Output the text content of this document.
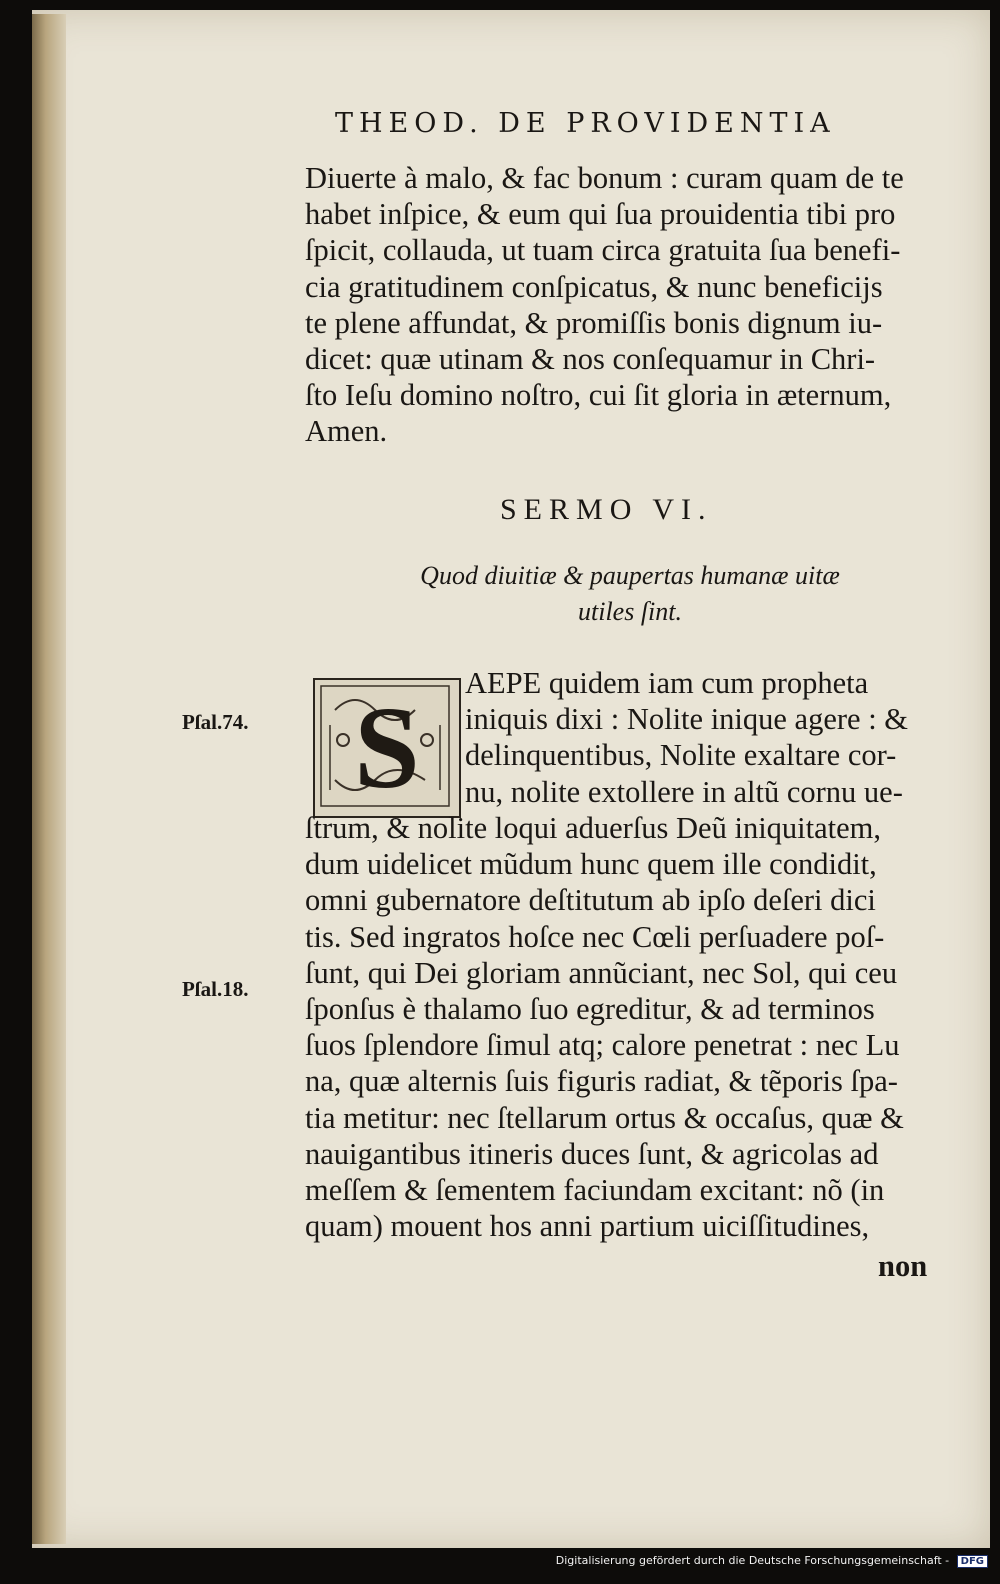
THEOD. DE PROVIDENTIA
Diuerte à malo, & fac bonum : curam quam de te
habet inſpice, & eum qui ſua prouidentia tibi pro
ſpicit, collauda, ut tuam circa gratuita ſua benefi-
cia gratitudinem conſpicatus, & nunc beneficijs
te plene affundat, & promiſſis bonis dignum iu-
dicet: quæ utinam & nos conſequamur in Chri-
ſto Ieſu domino noſtro, cui ſit gloria in æternum,
Amen.
SERMO VI.
Quod diuitiæ & paupertas humanæ uitæ
utiles ſint.
S	AEPE quidem iam cum propheta
iniquis dixi : Nolite inique agere : &
delinquentibus, Nolite exaltare cor-
nu, nolite extollere in altũ cornu ue-
ſtrum, & nolite loqui aduerſus Deũ iniquitatem,
dum uidelicet mũdum hunc quem ille condidit,
omni gubernatore deſtitutum ab ipſo deſeri dici
tis. Sed ingratos hoſce nec Cœli perſuadere poſ-
ſunt, qui Dei gloriam annũciant, nec Sol, qui ceu
ſponſus è thalamo ſuo egreditur, & ad terminos
ſuos ſplendore ſimul atq; calore penetrat : nec Lu
na, quæ alternis ſuis figuris radiat, & tẽporis ſpa-
tia metitur: nec ſtellarum ortus & occaſus, quæ &
nauigantibus itineris duces ſunt, & agricolas ad
meſſem & ſementem faciundam excitant: nõ (in
quam) mouent hos anni partium uiciſſitudines,
non
Pſal.74.
Pſal.18.
Digitalisierung gefördert durch die Deutsche Forschungsgemeinschaft - DFG
